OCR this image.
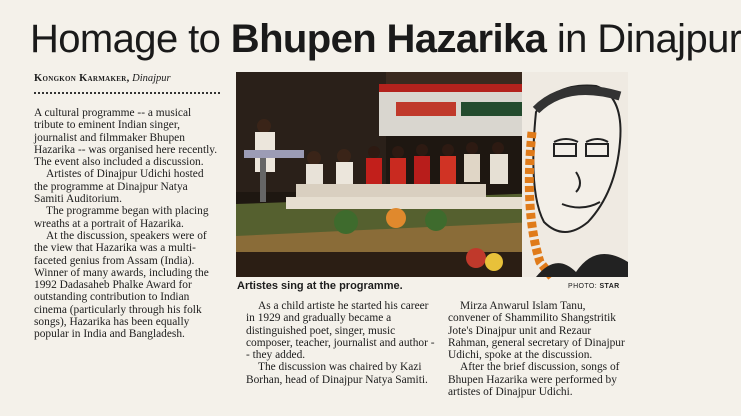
Homage to Bhupen Hazarika in Dinajpur
Kongkon Karmaker, Dinajpur

A cultural programme -- a musical tribute to eminent Indian singer, journalist and filmmaker Bhupen Hazarika -- was organised here recently. The event also included a discussion.

Artistes of Dinajpur Udichi hosted the programme at Dinajpur Natya Samiti Auditorium.

The programme began with placing wreaths at a portrait of Hazarika.

At the discussion, speakers were of the view that Hazarika was a multi-faceted genius from Assam (India). Winner of many awards, including the 1992 Dadasaheb Phalke Award for outstanding contribution to Indian cinema (particularly through his folk songs), Hazarika has been equally popular in India and Bangladesh.

Artistes sing at the programme.	PHOTO: STAR

As a child artiste he started his career in 1929 and gradually became a distinguished poet, singer, music composer, teacher, journalist and author -- they added.

The discussion was chaired by Kazi Borhan, head of Dinajpur Natya Samiti.

Mirza Anwarul Islam Tanu, convener of Shammilito Shangstritik Jote's Dinajpur unit and Rezaur Rahman, general secretary of Dinajpur Udichi, spoke at the discussion.

After the brief discussion, songs of Bhupen Hazarika were performed by artistes of Dinajpur Udichi.
